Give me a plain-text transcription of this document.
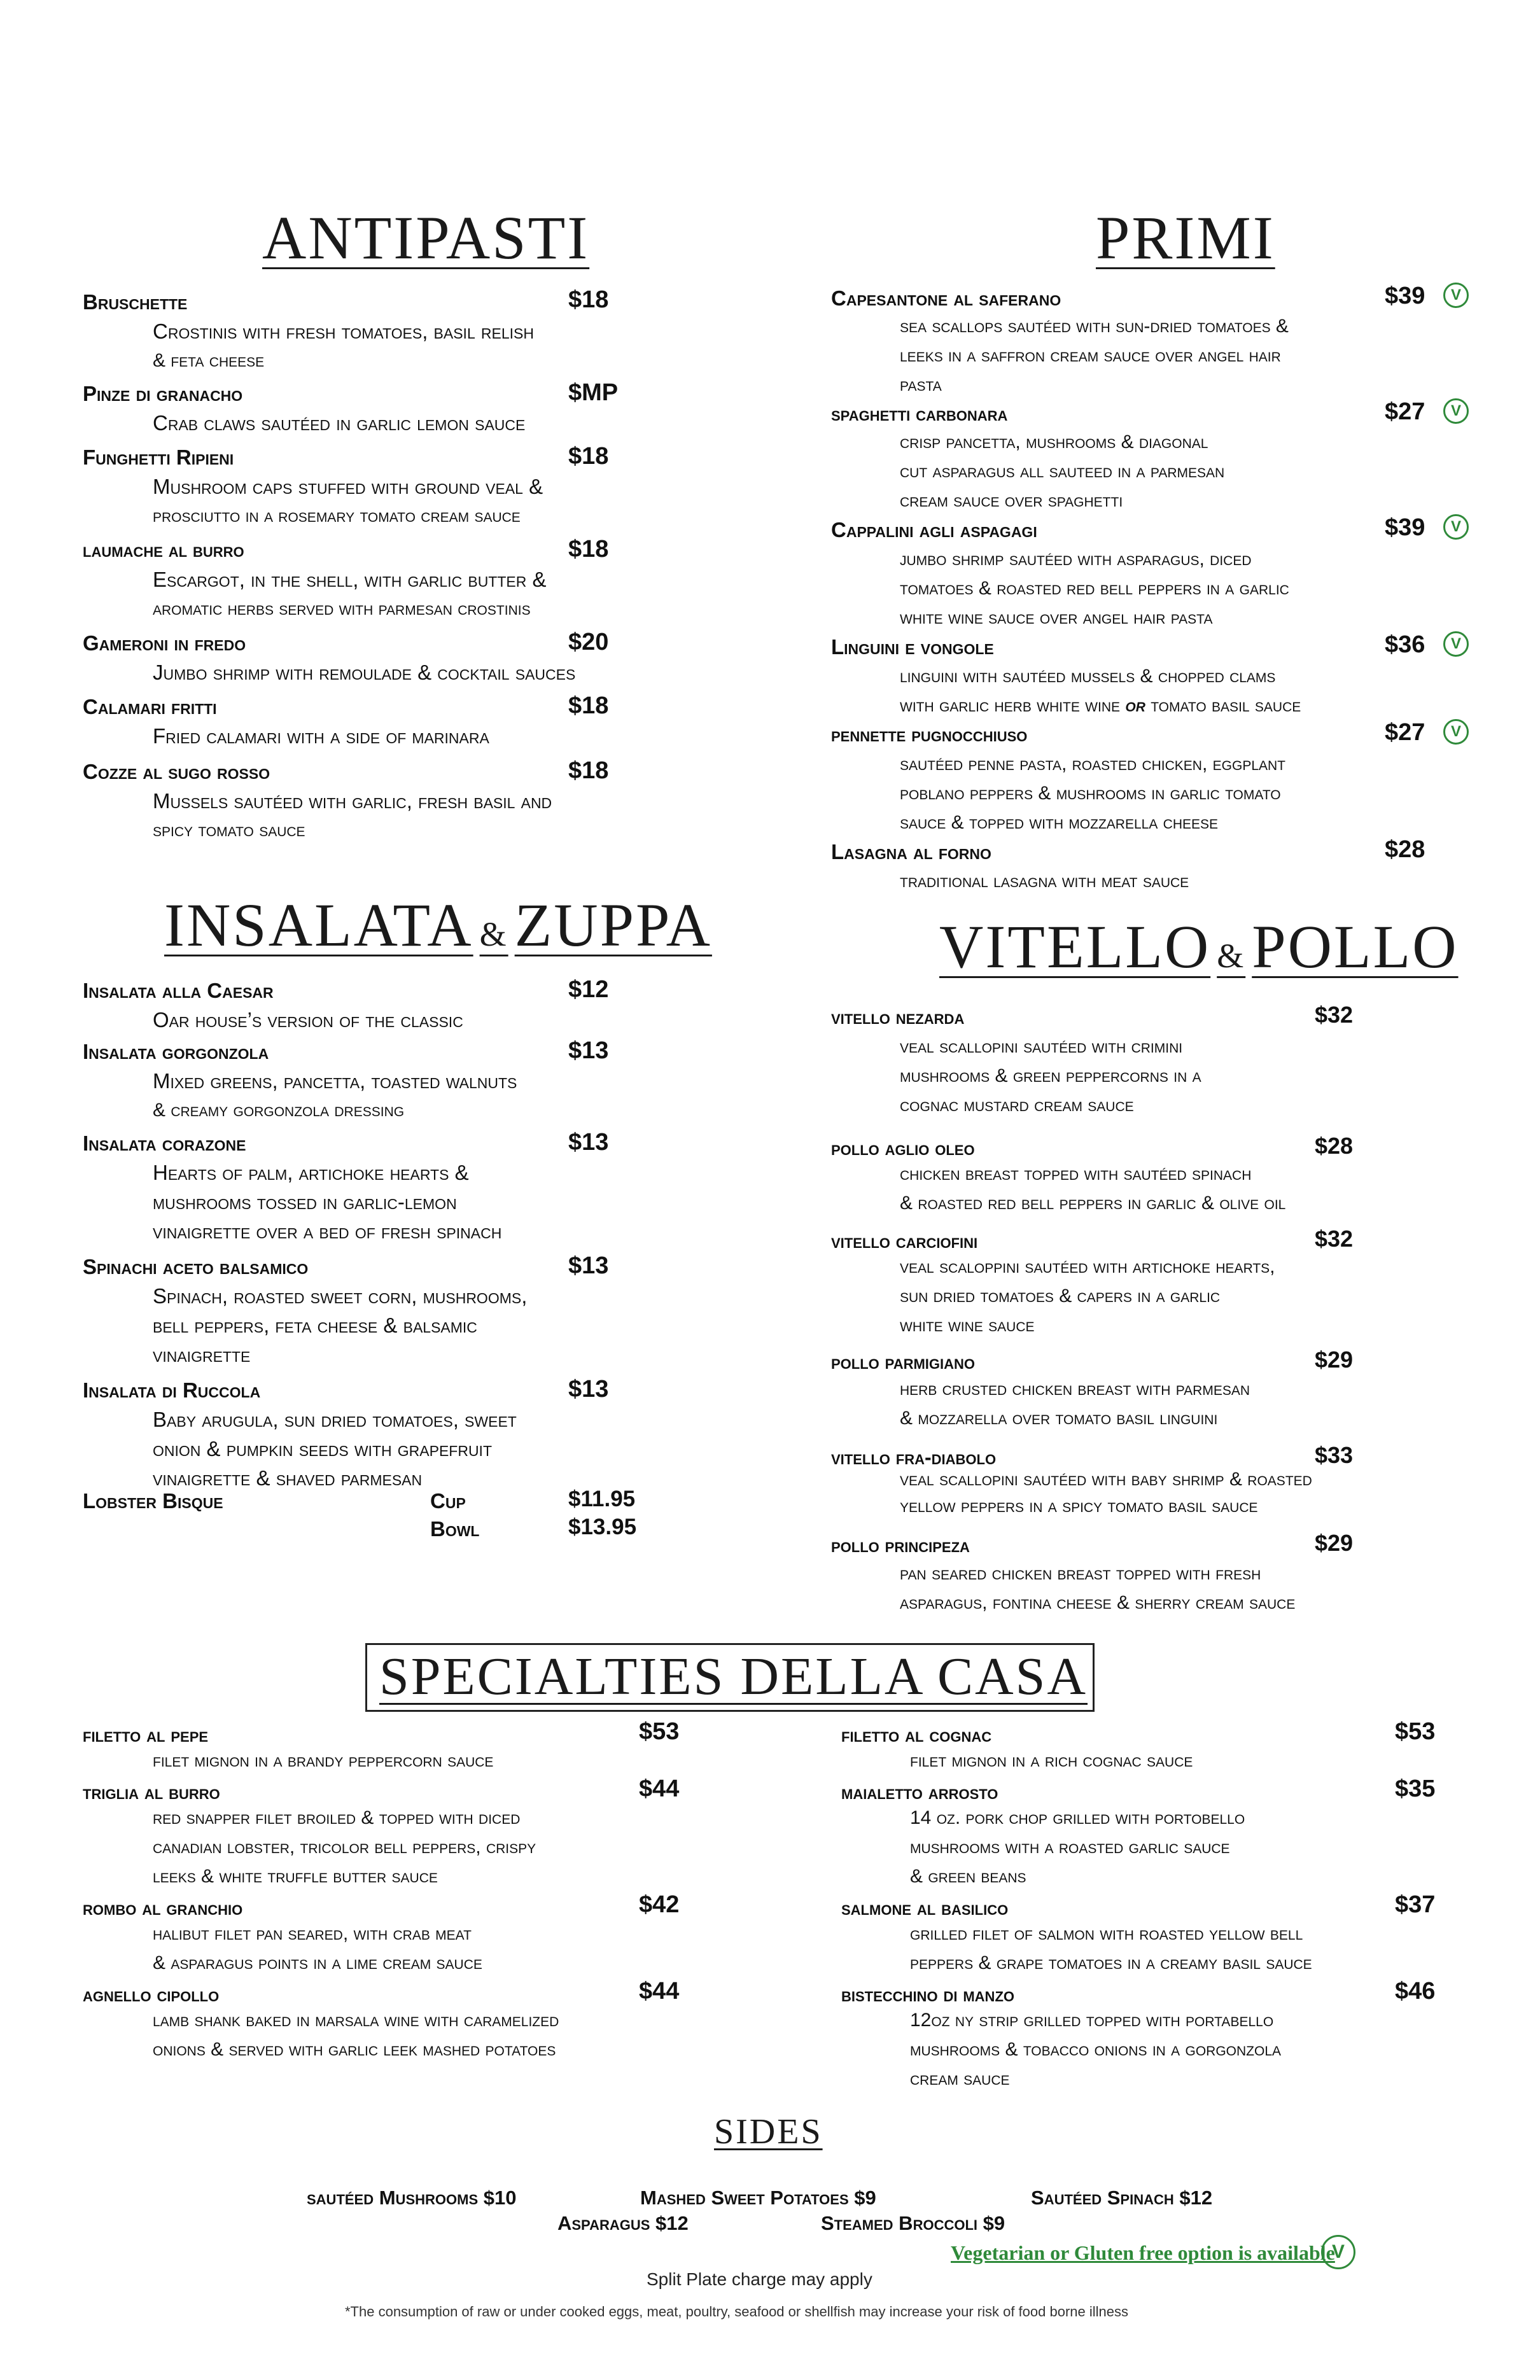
ANTIPASTI
Bruschette	$18
Crostinis with fresh tomatoes, basil relish
& feta cheese
Pinze di granacho	$MP
Crab claws sautéed in garlic lemon sauce
Funghetti Ripieni	$18
Mushroom caps stuffed with ground veal &
prosciutto in a rosemary tomato cream sauce
laumache al burro	$18
Escargot, in the shell, with garlic butter &
aromatic herbs served with parmesan crostinis
Gameroni in fredo	$20
Jumbo shrimp with remoulade & cocktail sauces
Calamari fritti	$18
Fried calamari with a side of marinara
Cozze al sugo rosso	$18
Mussels sautéed with garlic, fresh basil and
spicy tomato sauce
INSALATA & ZUPPA
Insalata alla Caesar	$12
Oar house’s version of the classic
Insalata gorgonzola	$13
Mixed greens, pancetta, toasted walnuts
& creamy gorgonzola dressing
Insalata corazone	$13
Hearts of palm, artichoke hearts &
mushrooms tossed in garlic-lemon
vinaigrette over a bed of fresh spinach
Spinachi aceto balsamico	$13
Spinach, roasted sweet corn, mushrooms,
bell peppers, feta cheese & balsamic
vinaigrette
Insalata di Ruccola	$13
Baby arugula, sun dried tomatoes, sweet
onion & pumpkin seeds with grapefruit
vinaigrette & shaved parmesan
Lobster Bisque	Cup	$11.95
Bowl	$13.95
PRIMI
Capesantone al saferano	$39	V
sea scallops sautéed with sun-dried tomatoes &
leeks in a saffron cream sauce over angel hair
pasta
spaghetti carbonara	$27	V
crisp pancetta, mushrooms & diagonal
cut asparagus all sauteed in a parmesan
cream sauce over spaghetti
Cappalini agli aspagagi	$39	V
jumbo shrimp sautéed with asparagus, diced
tomatoes & roasted red bell peppers in a garlic
white wine sauce over angel hair pasta
Linguini e vongole	$36	V
linguini with sautéed mussels & chopped clams
with garlic herb white wine or tomato basil sauce
pennette pugnocchiuso	$27	V
sautéed penne pasta, roasted chicken, eggplant
poblano peppers & mushrooms in garlic tomato
sauce & topped with mozzarella cheese
Lasagna al forno	$28
traditional lasagna with meat sauce
VITELLO & POLLO
vitello nezarda	$32
veal scallopini sautéed with crimini
mushrooms & green peppercorns in a
cognac mustard cream sauce
pollo aglio oleo	$28
chicken breast topped with sautéed spinach
& roasted red bell peppers in garlic & olive oil
vitello carciofini	$32
veal scaloppini sautéed with artichoke hearts,
sun dried tomatoes & capers in a garlic
white wine sauce
pollo parmigiano	$29
herb crusted chicken breast with parmesan
& mozzarella over tomato basil linguini
vitello fra-diabolo	$33
veal scallopini sautéed with baby shrimp & roasted
yellow peppers in a spicy tomato basil sauce
pollo principeza	$29
pan seared chicken breast topped with fresh
asparagus, fontina cheese & sherry cream sauce
SPECIALTIES DELLA CASA
filetto al pepe	$53
filet mignon in a brandy peppercorn sauce
triglia al burro	$44
red snapper filet broiled & topped with diced
canadian lobster, tricolor bell peppers, crispy
leeks & white truffle butter sauce
rombo al granchio	$42
halibut filet pan seared, with crab meat
& asparagus points in a lime cream sauce
agnello cipollo	$44
lamb shank baked in marsala wine with caramelized
onions & served with garlic leek mashed potatoes
filetto al cognac	$53
filet mignon in a rich cognac sauce
maialetto arrosto	$35
14 oz. pork chop grilled with portobello
mushrooms with a roasted garlic sauce
& green beans
salmone al basilico	$37
grilled filet of salmon with roasted yellow bell
peppers & grape tomatoes in a creamy basil sauce
bistecchino di manzo	$46
12oz ny strip grilled topped with portabello
mushrooms & tobacco onions in a gorgonzola
cream sauce
SIDES
sautéed Mushrooms $10	Mashed Sweet Potatoes $9	Sautéed Spinach $12
Asparagus $12	Steamed Broccoli $9
Vegetarian or Gluten free option is available
V
Split Plate charge may apply
*The consumption of raw or under cooked eggs, meat, poultry, seafood or shellfish may increase your risk of food borne illness
